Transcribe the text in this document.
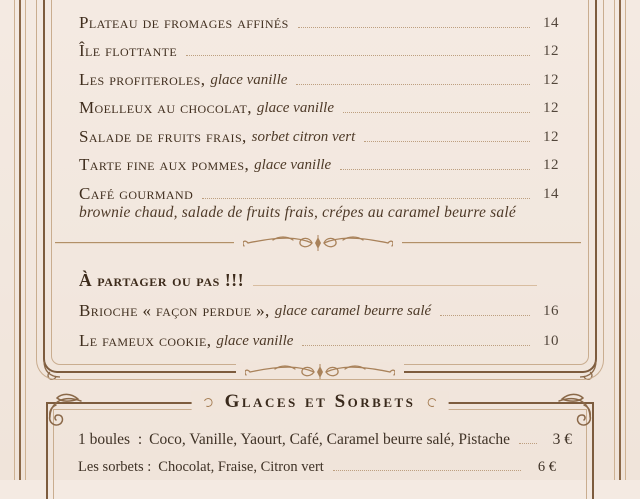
Plateau de fromages affinés	14
Île flottante	12
Les profiteroles, glace vanille	12
Moelleux au chocolat, glace vanille	12
Salade de fruits frais, sorbet citron vert	12
Tarte fine aux pommes, glace vanille	12
Café gourmand	14
brownie chaud, salade de fruits frais, crépes au caramel beurre salé
À partager ou pas !!!
Brioche « façon perdue », glace caramel beurre salé	16
Le fameux cookie, glace vanille	10
Glaces et Sorbets
1 boules  : Coco, Vanille, Yaourt, Café, Caramel beurre salé, Pistache	3 €
Les sorbets : Chocolat, Fraise, Citron vert	6 €
